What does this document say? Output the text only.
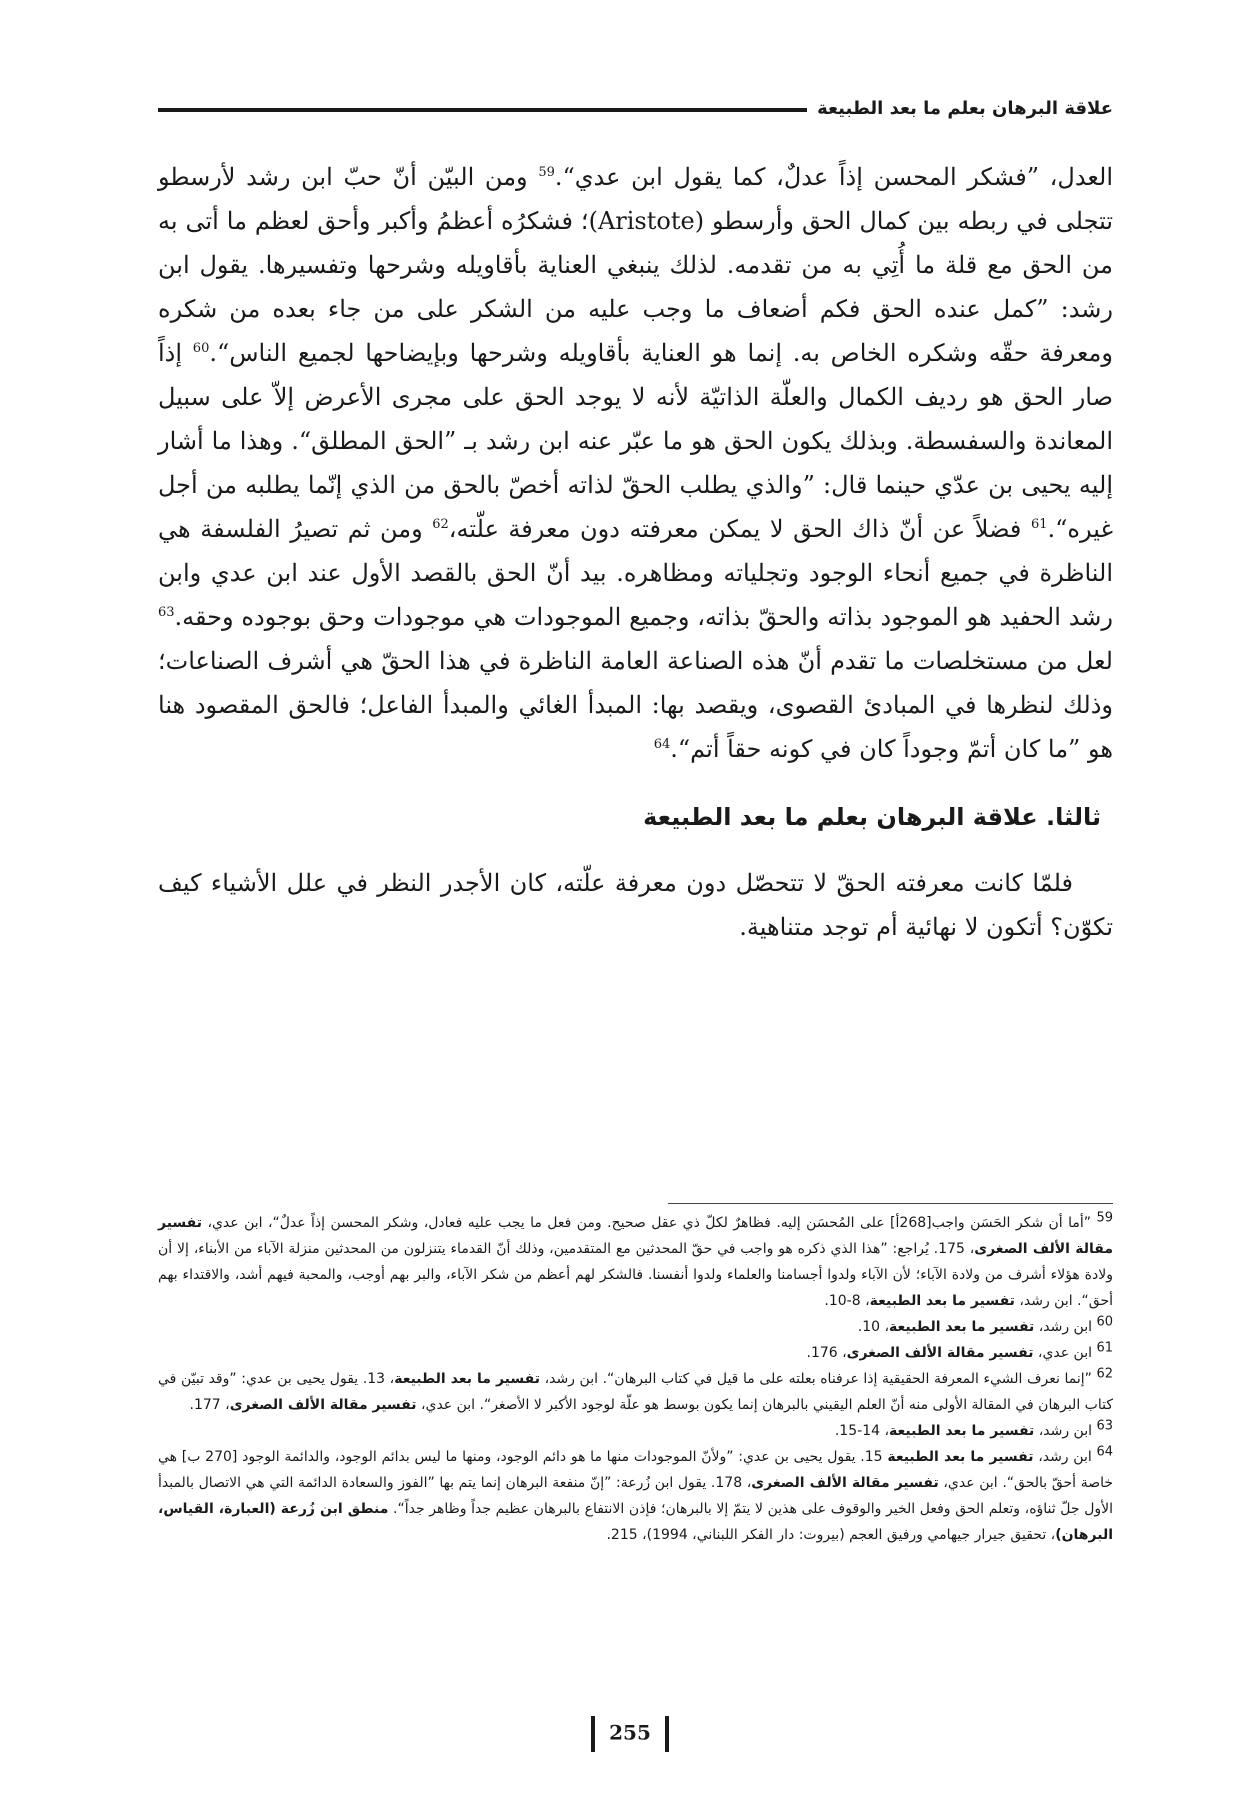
علاقة البرهان بعلم ما بعد الطبيعة

العدل، ”فشكر المحسن إذاً عدلٌ، كما يقول ابن عدي“.$^{59}$ ومن البيّن أنّ حبّ ابن رشد لأرسطو تتجلى في ربطه بين كمال الحق وأرسطو (Aristote)؛ فشكرُه أعظمُ وأكبر وأحق لعظم ما أتى به من الحق مع قلة ما أُتِي به من تقدمه. لذلك ينبغي العناية بأقاويله وشرحها وتفسيرها. يقول ابن رشد: ”كمل عنده الحق فكم أضعاف ما وجب عليه من الشكر على من جاء بعده من شكره ومعرفة حقّه وشكره الخاص به. إنما هو العناية بأقاويله وشرحها وبإيضاحها لجميع الناس“.$^{60}$ إذاً صار الحق هو رديف الكمال والعلّة الذاتيّة لأنه لا يوجد الحق على مجرى الأعرض إلاّ على سبيل المعاندة والسفسطة. وبذلك يكون الحق هو ما عبّر عنه ابن رشد بـ ”الحق المطلق“. وهذا ما أشار إليه يحيى بن عدّي حينما قال: ”والذي يطلب الحقّ لذاته أخصّ بالحق من الذي إنّما يطلبه من أجل غيره“.$^{61}$ فضلاً عن أنّ ذاك الحق لا يمكن معرفته دون معرفة علّته،$^{62}$ ومن ثم تصيرُ الفلسفة هي الناظرة في جميع أنحاء الوجود وتجلياته ومظاهره. بيد أنّ الحق بالقصد الأول عند ابن عدي وابن رشد الحفيد هو الموجود بذاته والحقّ بذاته، وجميع الموجودات هي موجودات وحق بوجوده وحقه.$^{63}$ لعل من مستخلصات ما تقدم أنّ هذه الصناعة العامة الناظرة في هذا الحقّ هي أشرف الصناعات؛ وذلك لنظرها في المبادئ القصوى، ويقصد بها: المبدأ الغائي والمبدأ الفاعل؛ فالحق المقصود هنا هو ”ما كان أتمّ وجوداً كان في كونه حقاً أتم“.$^{64}$

ثالثا. علاقة البرهان بعلم ما بعد الطبيعة

فلمّا كانت معرفته الحقّ لا تتحصّل دون معرفة علّته، كان الأجدر النظر في علل الأشياء كيف تكوّن؟ أتكون لا نهائية أم توجد متناهية.

$^{59}$ ”أما أن شكر الحَسَن واجب[268أ] على المُحسَن إليه. فظاهرٌ لكلّ ذي عقل صحيح. ومن فعل ما يجب عليه فعادل، وشكر المحسن إذاً عدلٌ“، ابن عدي، تفسير مقالة الألف الصغرى، 175. يُراجع: ”هذا الذي ذكره هو واجب في حقّ المحدثين مع المتقدمين، وذلك أنّ القدماء يتنزلون من المحدثين منزلة الآباء من الأبناء، إلا أن ولادة هؤلاء أشرف من ولادة الآباء؛ لأن الآباء ولدوا أجسامنا والعلماء ولدوا أنفسنا. فالشكر لهم أعظم من شكر الآباء، والبر بهم أوجب، والمحبة فيهم أشد، والاقتداء بهم أحق“. ابن رشد، تفسير ما بعد الطبيعة، 8-10.

$^{60}$ ابن رشد، تفسير ما بعد الطبيعة، 10.

$^{61}$ ابن عدي، تفسير مقالة الألف الصغرى، 176.

$^{62}$ ”إنما نعرف الشيء المعرفة الحقيقية إذا عرفناه بعلته على ما قيل في كتاب البرهان“. ابن رشد، تفسير ما بعد الطبيعة، 13. يقول يحيى بن عدي: ”وقد تبيّن في كتاب البرهان في المقالة الأولى منه أنّ العلم اليقيني بالبرهان إنما يكون بوسط هو علّة لوجود الأكبر لا الأصغر“. ابن عدي، تفسير مقالة الألف الصغرى، 177.

$^{63}$ ابن رشد، تفسير ما بعد الطبيعة، 14-15.

$^{64}$ ابن رشد، تفسير ما بعد الطبيعة 15. يقول يحيى بن عدي: ”ولأنّ الموجودات منها ما هو دائم الوجود، ومنها ما ليس بدائم الوجود، والدائمة الوجود [270 ب] هي خاصة أحقّ بالحق“. ابن عدي، تفسير مقالة الألف الصغرى، 178. يقول ابن زُرعة: ”إنّ منفعة البرهان إنما يتم بها ”الفوز والسعادة الدائمة التي هي الاتصال بالمبدأ الأول جلّ ثناؤه، وتعلم الحق وفعل الخير والوقوف على هذين لا يتمّ إلا بالبرهان؛ فإذن الانتفاع بالبرهان عظيم جداً وظاهر جداً“. منطق ابن زُرعة (العبارة، القياس، البرهان)، تحقيق جيرار جيهامي ورفيق العجم (بيروت: دار الفكر اللبناني، 1994)، 215.

255
